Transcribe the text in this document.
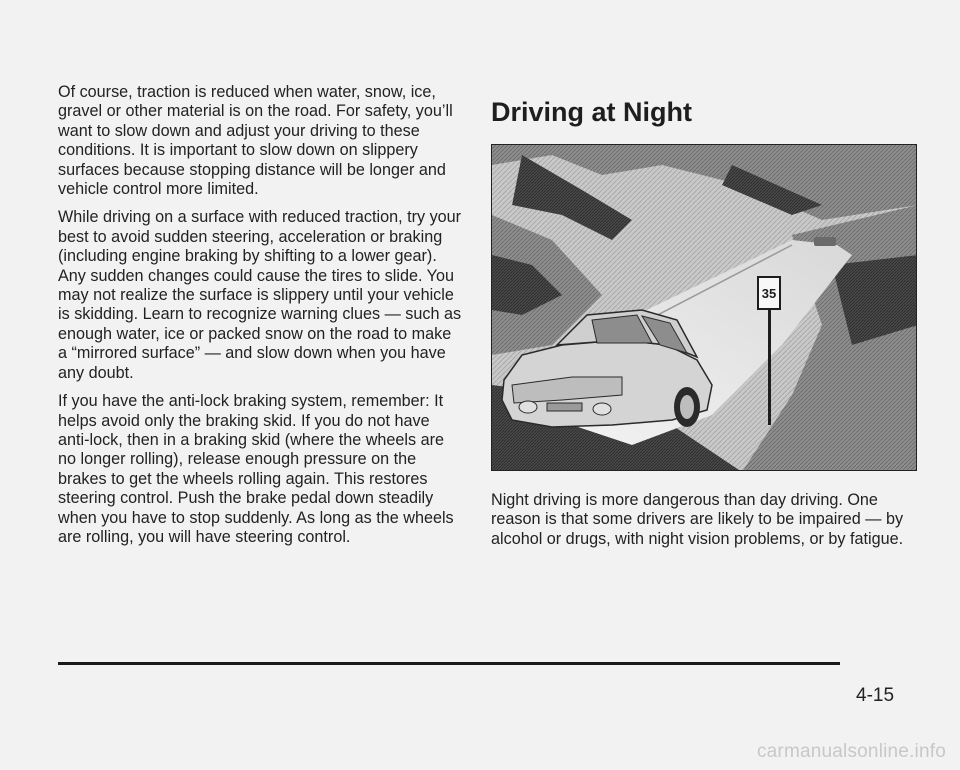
Of course, traction is reduced when water, snow, ice, gravel or other material is on the road. For safety, you’ll want to slow down and adjust your driving to these conditions. It is important to slow down on slippery surfaces because stopping distance will be longer and vehicle control more limited.

While driving on a surface with reduced traction, try your best to avoid sudden steering, acceleration or braking (including engine braking by shifting to a lower gear). Any sudden changes could cause the tires to slide. You may not realize the surface is slippery until your vehicle is skidding. Learn to recognize warning clues — such as enough water, ice or packed snow on the road to make a “mirrored surface” — and slow down when you have any doubt.

If you have the anti-lock braking system, remember: It helps avoid only the braking skid. If you do not have anti-lock, then in a braking skid (where the wheels are no longer rolling), release enough pressure on the brakes to get the wheels rolling again. This restores steering control. Push the brake pedal down steadily when you have to stop suddenly. As long as the wheels are rolling, you will have steering control.

Driving at Night
35

Night driving is more dangerous than day driving. One reason is that some drivers are likely to be impaired — by alcohol or drugs, with night vision problems, or by fatigue.

4-15
carmanualsonline.info
